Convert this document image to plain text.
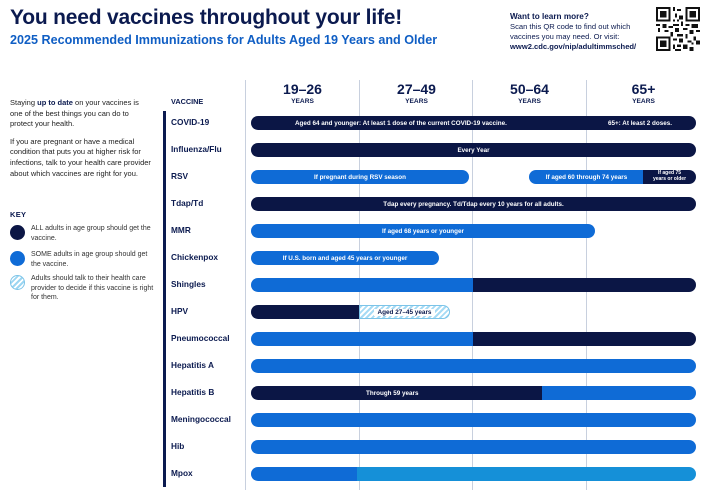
You need vaccines throughout your life!
2025 Recommended Immunizations for Adults Aged 19 Years and Older
Want to learn more?
Scan this QR code to find out which
vaccines you may need. Or visit:
www2.cdc.gov/nip/adultimmsched/

Staying up to date on your vaccines is one of the best things you can do to protect your health.

If you are pregnant or have a medical condition that puts you at higher risk for infections, talk to your health care provider about which vaccines are right for you.

KEY
ALL adults in age group should get the vaccine.
SOME adults in age group should get the vaccine.
Adults should talk to their health care provider to decide if this vaccine is right for them.
VACCINE
19–26
YEARS
27–49
YEARS
50–64
YEARS
65+
YEARS
COVID-19	Aged 64 and younger: At least 1 dose of the current COVID-19 vaccine.	65+: At least 2 doses.
Influenza/Flu	Every Year
RSV	If pregnant during RSV season	If aged 60 through 74 years
If aged 75
years or older
Tdap/Td	Tdap every pregnancy. Td/Tdap every 10 years for all adults.
MMR	If aged 68 years or younger
Chickenpox	If U.S. born and aged 45 years or younger
Shingles
HPV	Aged 27–45 years
Pneumococcal
Hepatitis A
Hepatitis B	Through 59 years
Meningococcal
Hib
Mpox
